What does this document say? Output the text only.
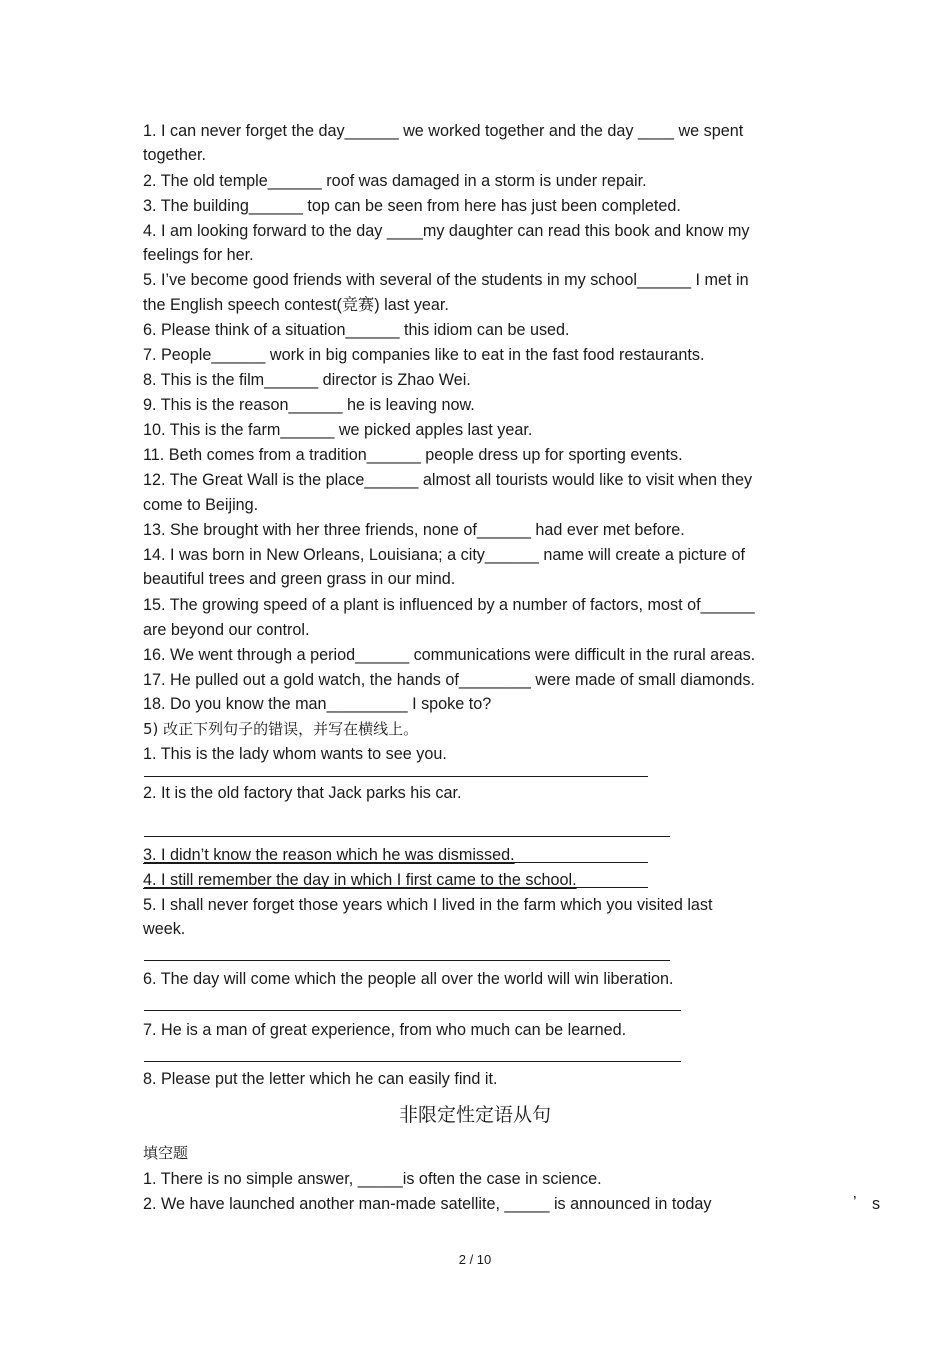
1. I can never forget the day______ we worked together and the day ____ we spent
together.
2. The old temple______ roof was damaged in a storm is under repair.
3. The building______ top can be seen from here has just been completed.
4. I am looking forward to the day ____my daughter can read this book and know my
feelings for her.
5. I’ve become good friends with several of the students in my school______ I met in
the English speech contest(竞赛) last year.
6. Please think of a situation______ this idiom can be used.
7. People______ work in big companies like to eat in the fast food restaurants.
8. This is the film______ director is Zhao Wei.
9. This is the reason______ he is leaving now.
10. This is the farm______ we picked apples last year.
11. Beth comes from a tradition______ people dress up for sporting events.
12. The Great Wall is the place______ almost all tourists would like to visit when they
come to Beijing.
13. She brought with her three friends, none of______ had ever met before.
14. I was born in New Orleans, Louisiana; a city______ name will create a picture of
beautiful trees and green grass in our mind.
15. The growing speed of a plant is influenced by a number of factors, most of______
are beyond our control.
16. We went through a period______ communications were difficult in the rural areas.
17. He pulled out a gold watch, the hands of________ were made of small diamonds.
18. Do you know the man_________ I spoke to?
5) 改正下列句子的错误，并写在横线上。
1. This is the lady whom wants to see you.
2. It is the old factory that Jack parks his car.
3. I didn’t know the reason which he was dismissed.
4. I still remember the day in which I first came to the school.
5. I shall never forget those years which I lived in the farm which you visited last
week.
6. The day will come which the people all over the world will win liberation.
7. He is a man of great experience, from who much can be learned.
8. Please put the letter which he can easily find it.
非限定性定语从句
填空题
1. There is no simple answer, _____is often the case in science.
2. We have launched another man-made satellite, _____ is announced in today	’ s
2 / 10
